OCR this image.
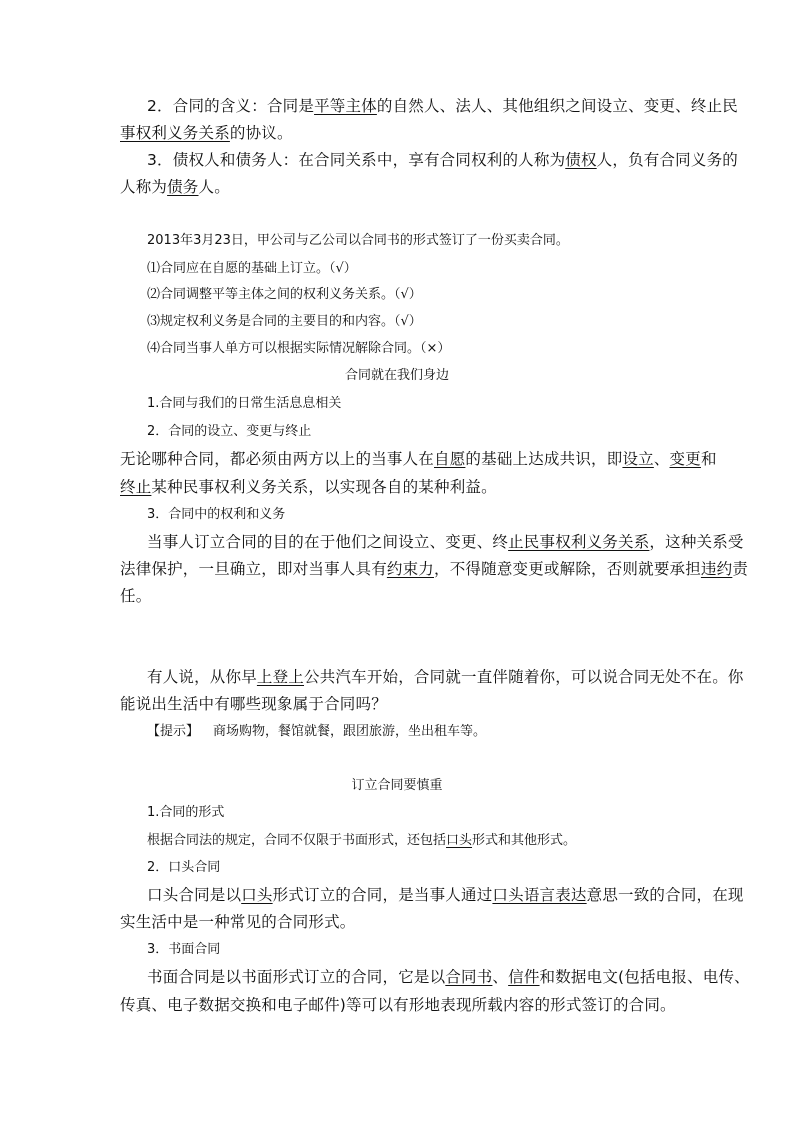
2．合同的含义：合同是平等主体的自然人、法人、其他组织之间设立、变更、终止民
事权利义务关系的协议。
3．债权人和债务人：在合同关系中，享有合同权利的人称为债权人，负有合同义务的
人称为债务人。
2013年3月23日，甲公司与乙公司以合同书的形式签订了一份买卖合同。
⑴合同应在自愿的基础上订立。（√）
⑵合同调整平等主体之间的权利义务关系。（√）
⑶规定权利义务是合同的主要目的和内容。（√）
⑷合同当事人单方可以根据实际情况解除合同。（×）
合同就在我们身边
1.合同与我们的日常生活息息相关
2．合同的设立、变更与终止
无论哪种合同，都必须由两方以上的当事人在自愿的基础上达成共识，即设立、变更和
终止某种民事权利义务关系，以实现各自的某种利益。
3．合同中的权利和义务
当事人订立合同的目的在于他们之间设立、变更、终止民事权利义务关系，这种关系受
法律保护，一旦确立，即对当事人具有约束力，不得随意变更或解除，否则就要承担违约责
任。
有人说，从你早上登上公共汽车开始，合同就一直伴随着你，可以说合同无处不在。你
能说出生活中有哪些现象属于合同吗？
【提示】 商场购物，餐馆就餐，跟团旅游，坐出租车等。
订立合同要慎重
1.合同的形式
根据合同法的规定，合同不仅限于书面形式，还包括口头形式和其他形式。
2．口头合同
口头合同是以口头形式订立的合同，是当事人通过口头语言表达意思一致的合同，在现
实生活中是一种常见的合同形式。
3．书面合同
书面合同是以书面形式订立的合同，它是以合同书、信件和数据电文(包括电报、电传、
传真、电子数据交换和电子邮件)等可以有形地表现所载内容的形式签订的合同。
